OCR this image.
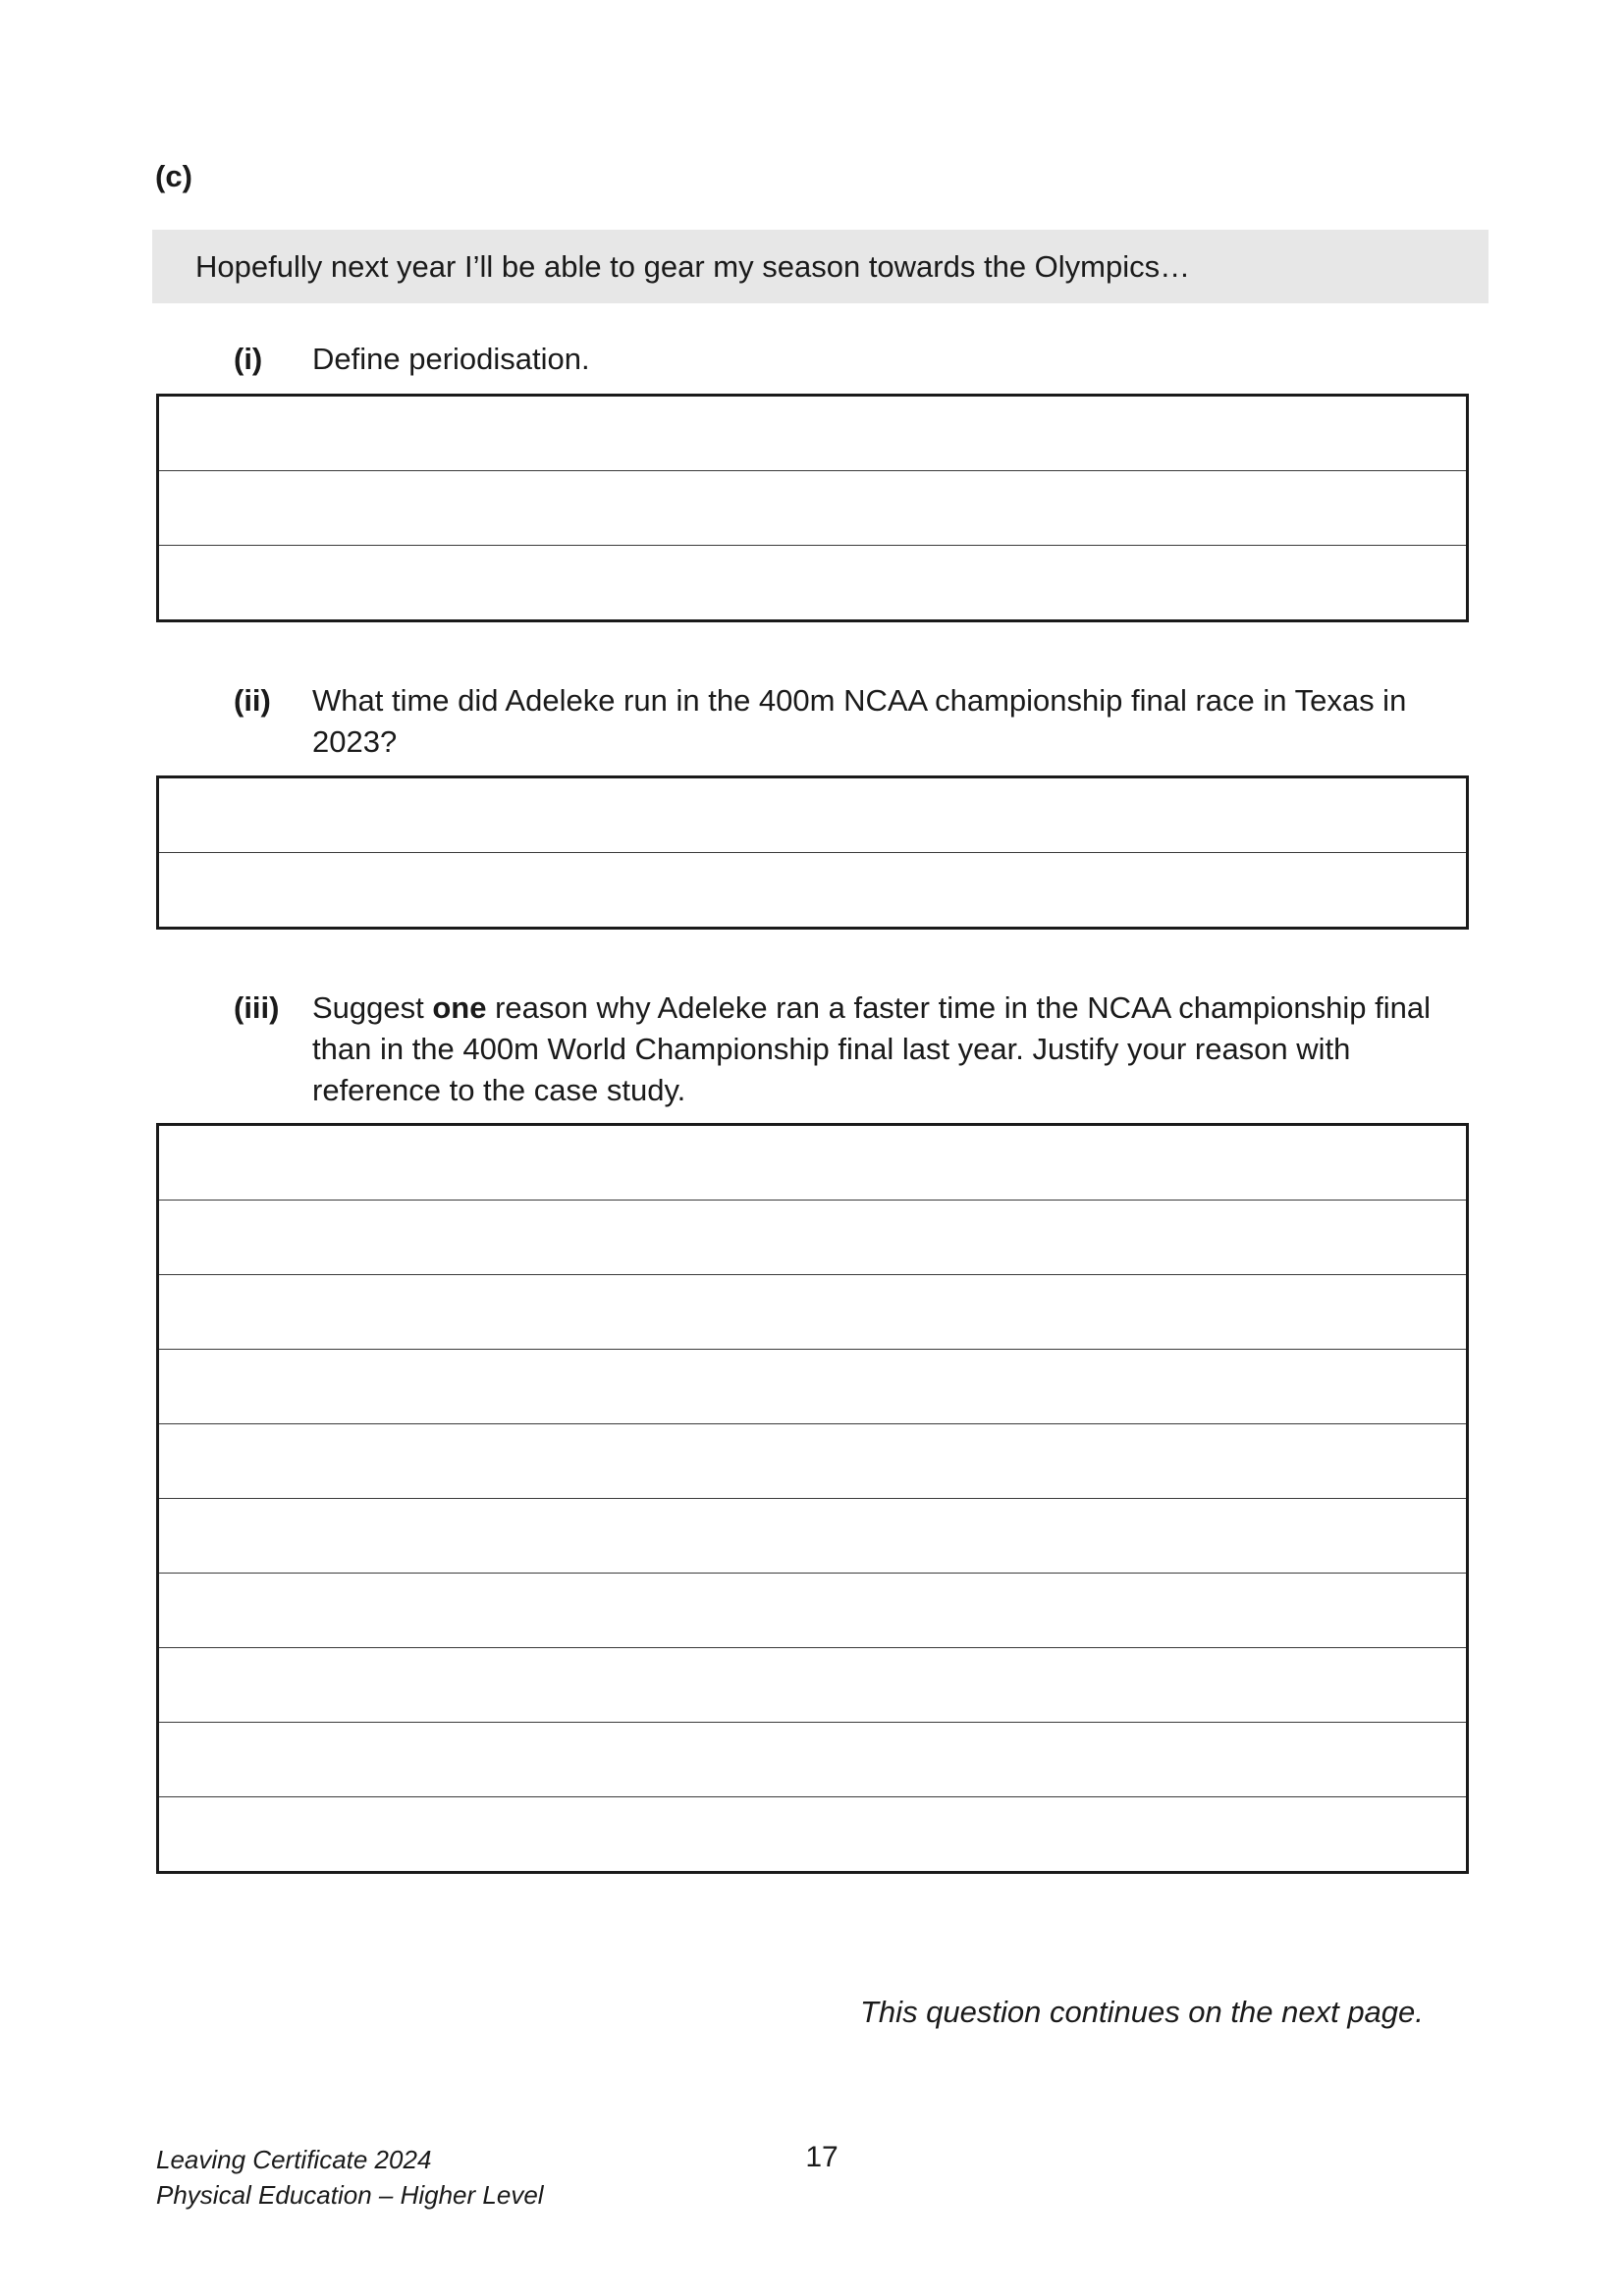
(c)
Hopefully next year I’ll be able to gear my season towards the Olympics…
(i) Define periodisation.
(ii) What time did Adeleke run in the 400m NCAA championship final race in Texas in
2023?
(iii) Suggest one reason why Adeleke ran a faster time in the NCAA championship final
than in the 400m World Championship final last year. Justify your reason with
reference to the case study.
This question continues on the next page.
Leaving Certificate 2024
Physical Education – Higher Level
17
